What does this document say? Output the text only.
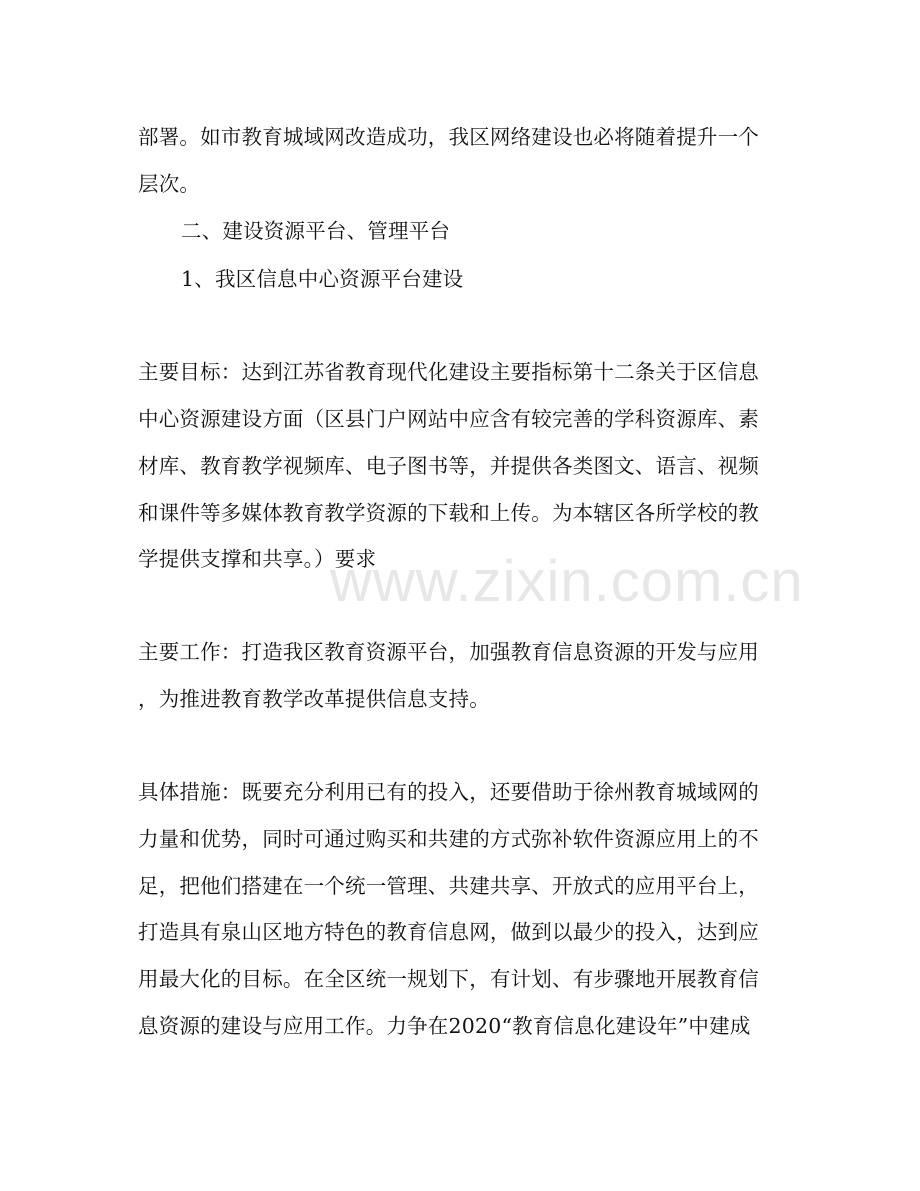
部署。如市教育城域网改造成功，我区网络建设也必将随着提升一个
层次。
二、建设资源平台、管理平台
1、我区信息中心资源平台建设
主要目标：达到江苏省教育现代化建设主要指标第十二条关于区信息
中心资源建设方面（区县门户网站中应含有较完善的学科资源库、素
材库、教育教学视频库、电子图书等，并提供各类图文、语言、视频
和课件等多媒体教育教学资源的下载和上传。为本辖区各所学校的教
学提供支撑和共享。）要求
www.zixin.com.cn
主要工作：打造我区教育资源平台，加强教育信息资源的开发与应用
，为推进教育教学改革提供信息支持。
具体措施：既要充分利用已有的投入，还要借助于徐州教育城域网的
力量和优势，同时可通过购买和共建的方式弥补软件资源应用上的不
足，把他们搭建在一个统一管理、共建共享、开放式的应用平台上，
打造具有泉山区地方特色的教育信息网，做到以最少的投入，达到应
用最大化的目标。在全区统一规划下，有计划、有步骤地开展教育信
息资源的建设与应用工作。力争在2020“教育信息化建设年”中建成
